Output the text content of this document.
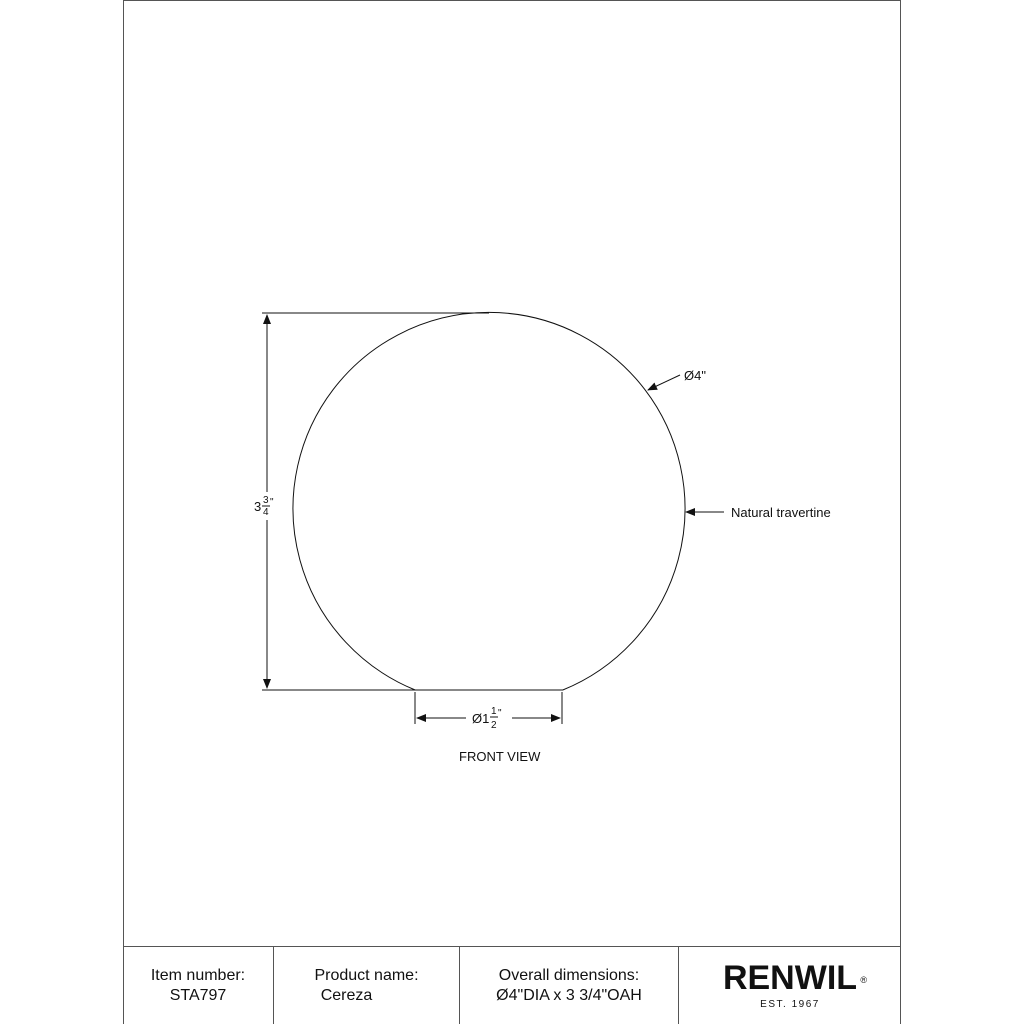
3 3
4
"
Ø4"
Natural travertine
Ø1 1
2
"
FRONT VIEW
Item number:
STA797
Product name:
Cereza
Overall dimensions:
Ø4"DIA x 3 3/4"OAH RENWIL ®
EST. 1967
